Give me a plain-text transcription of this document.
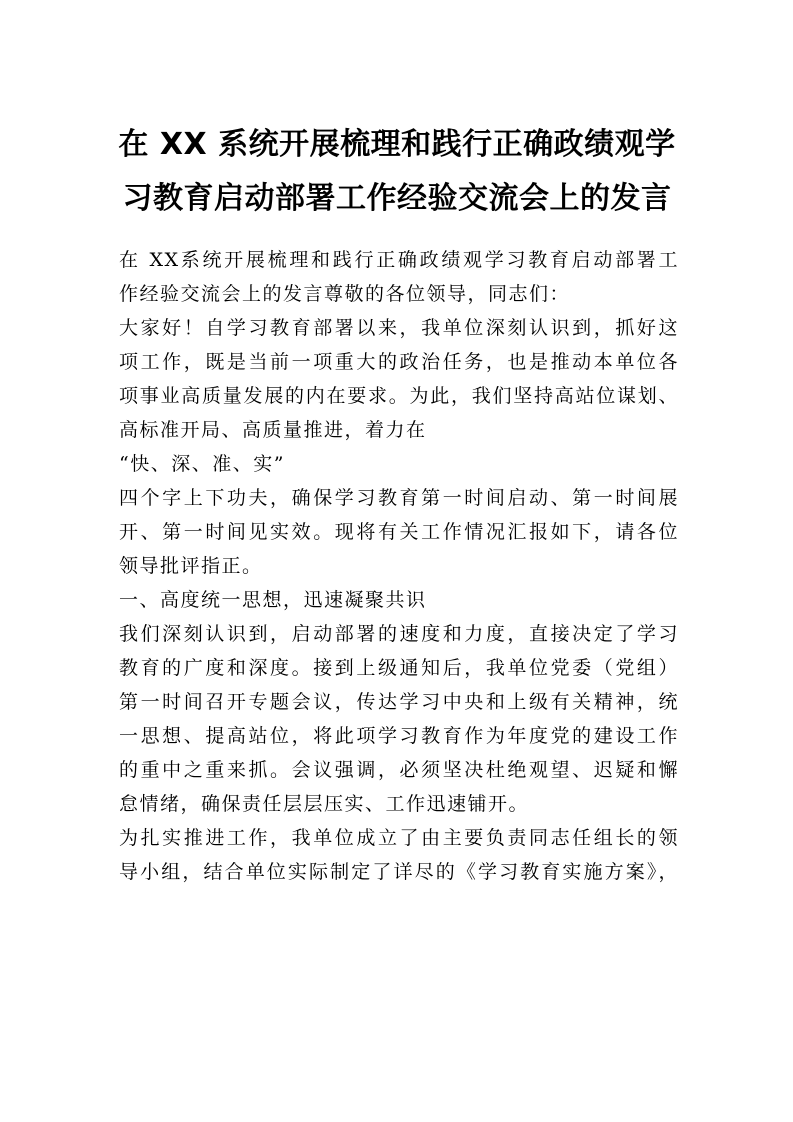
在 XX 系统开展梳理和践行正确政绩观学
习教育启动部署工作经验交流会上的发言
在 XX系统开展梳理和践行正确政绩观学习教育启动部署工
作经验交流会上的发言尊敬的各位领导，同志们：
大家好！自学习教育部署以来，我单位深刻认识到，抓好这
项工作，既是当前一项重大的政治任务，也是推动本单位各
项事业高质量发展的内在要求。为此，我们坚持高站位谋划、
高标准开局、高质量推进，着力在
“快、深、准、实”
四个字上下功夫，确保学习教育第一时间启动、第一时间展
开、第一时间见实效。现将有关工作情况汇报如下，请各位
领导批评指正。
一、高度统一思想，迅速凝聚共识
我们深刻认识到，启动部署的速度和力度，直接决定了学习
教育的广度和深度。接到上级通知后，我单位党委（党组）
第一时间召开专题会议，传达学习中央和上级有关精神，统
一思想、提高站位，将此项学习教育作为年度党的建设工作
的重中之重来抓。会议强调，必须坚决杜绝观望、迟疑和懈
怠情绪，确保责任层层压实、工作迅速铺开。
为扎实推进工作，我单位成立了由主要负责同志任组长的领
导小组，结合单位实际制定了详尽的《学习教育实施方案》，
